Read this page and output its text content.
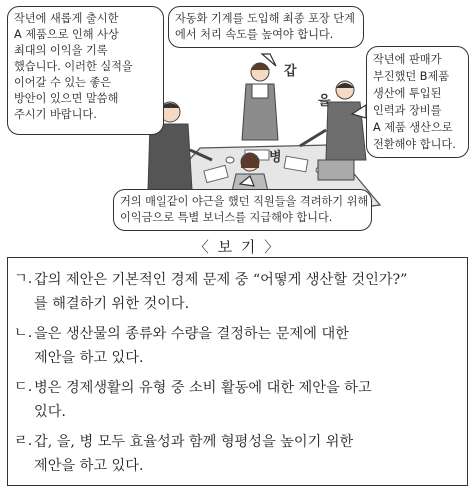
작년에 새롭게 출시한
A 제품으로 인해 사상
최대의 이익을 기록
했습니다. 이러한 실적을
이어갈 수 있는 좋은
방안이 있으면 말씀해
주시기 바랍니다.
자동화 기계를 도입해 최종 포장 단계
에서 처리 속도를 높여야 합니다.
작년에 판매가
부진했던 B제품
생산에 투입된
인력과 장비를
A 제품 생산으로
전환해야 합니다.
거의 매일같이 야근을 했던 직원들을 격려하기 위해
이익금으로 특별 보너스를 지급해야 합니다.
갑
을
병
〈 보 기 〉
ㄱ. 갑의 제안은 기본적인 경제 문제 중 “어떻게 생산할 것인가?”
를 해결하기 위한 것이다.
ㄴ. 을은 생산물의 종류와 수량을 결정하는 문제에 대한
제안을 하고 있다.
ㄷ. 병은 경제생활의 유형 중 소비 활동에 대한 제안을 하고
있다.
ㄹ. 갑, 을, 병 모두 효율성과 함께 형평성을 높이기 위한
제안을 하고 있다.
